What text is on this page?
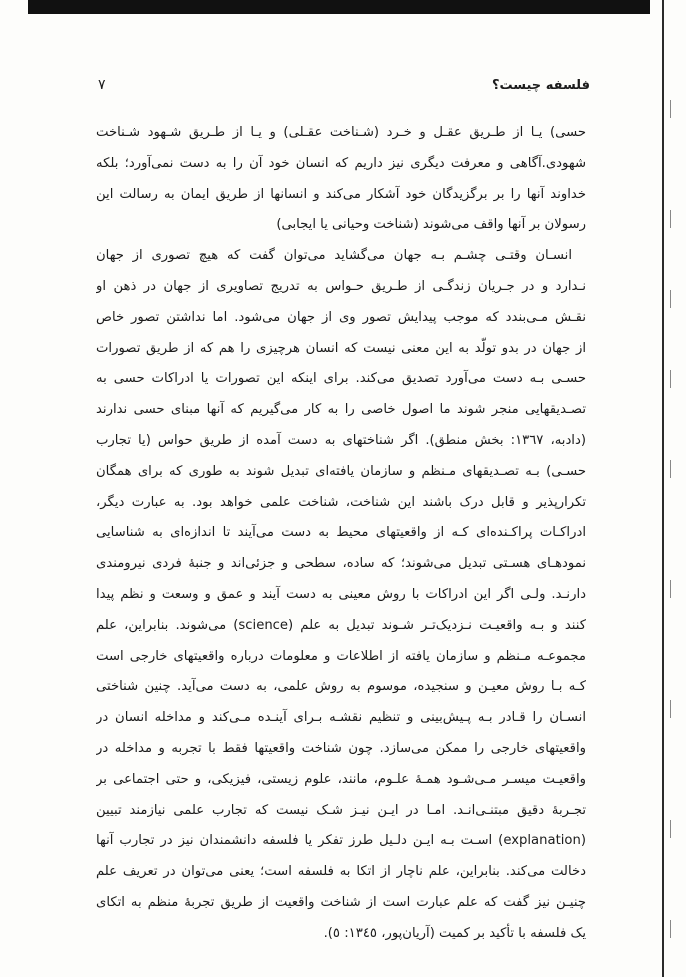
فلسفه چیست؟
٧
حسی) یـا از طـریق عقـل و خـرد (شـناخت عقـلی) و یـا از طـریق شـهود شـناخت
شهودی.آگاهی و معرفت دیگری نیز داریم که انسان خود آن را به دست نمی‌آورد؛ بلکه
خداوند آنها را بر برگزیدگان خود آشکار می‌کند و انسانها از طریق ایمان به رسالت این
رسولان بر آنها واقف می‌شوند (شناخت وحیانی یا ایجابی)
انسـان وقتـی چشـم بـه جهان می‌گشاید می‌توان گفت که هیچ تصوری از جهان
نـدارد و در جـریان زندگـی از طـریق حـواس به تدریج تصاویری از جهان در ذهن او
نقـش مـی‌بندد که موجب پیدایش تصور وی از جهان می‌شود. اما نداشتن تصور خاص
از جهان در بدو تولّد به این معنی نیست که انسان هرچیزی را هم که از طریق تصورات
حسـی بـه دست می‌آورد تصدیق می‌کند. برای اینکه این تصورات یا ادراکات حسی به
تصـدیقهایی منجر شوند ما اصول خاصی را به کار می‌گیریم که آنها مبنای حسی ندارند
(دادبه، ١٣٦٧: بخش منطق). اگر شناختهای به دست آمده از طریق حواس (یا تجارب
حسـی) بـه تصـدیقهای مـنظم و سازمان یافته‌ای تبدیل شوند به طوری که برای همگان
تکرارپذیر و قابل درک باشند این شناخت، شناخت علمی خواهد بود. به عبارت دیگر،
ادراکـات پراکـنده‌ای کـه از واقعیتهای محیط به دست می‌آیند تا اندازه‌ای به شناسایی
نمودهـای هسـتی تبدیل می‌شوند؛ که ساده، سطحی و جزئی‌اند و جنبهٔ فردی نیرومندی
دارنـد. ولـی اگر این ادراکات با روش معینی به دست آیند و عمق و وسعت و نظم پیدا
کنند و بـه واقعیـت نـزدیک‌تـر شـوند تبدیل به علم (science) می‌شوند. بنابراین، علم
مجموعـه مـنظم و سازمان یافته از اطلاعات و معلومات درباره واقعیتهای خارجی است
کـه بـا روش معیـن و سنجیده، موسوم به روش علمی، به دست می‌آید. چنین شناختی
انسـان را قـادر بـه پـیش‌بینی و تنظیم نقشـه بـرای آینـده مـی‌کند و مداخله انسان در
واقعیتهای خارجی را ممکن می‌سازد. چون شناخت واقعیتها فقط با تجربه و مداخله در
واقعیـت میسـر مـی‌شـود همـهٔ علـوم، مانند، علوم زیستی، فیزیکی، و حتی اجتماعی بر
تجـربهٔ دقیق مبتنـی‌انـد. امـا در ایـن نیـز شـک نیست که تجارب علمی نیازمند تبیین
(explanation) اسـت بـه ایـن دلـیل طرز تفکر یا فلسفه دانشمندان نیز در تجارب آنها
دخالت می‌کند. بنابراین، علم ناچار از اتکا به فلسفه است؛ یعنی می‌توان در تعریف علم
چنیـن نیز گفت که علم عبارت است از شناخت واقعیت از طریق تجربهٔ منظم به اتکای
یک فلسفه با تأکید بر کمیت (آریان‌پور، ١٣٤٥: ٥).
